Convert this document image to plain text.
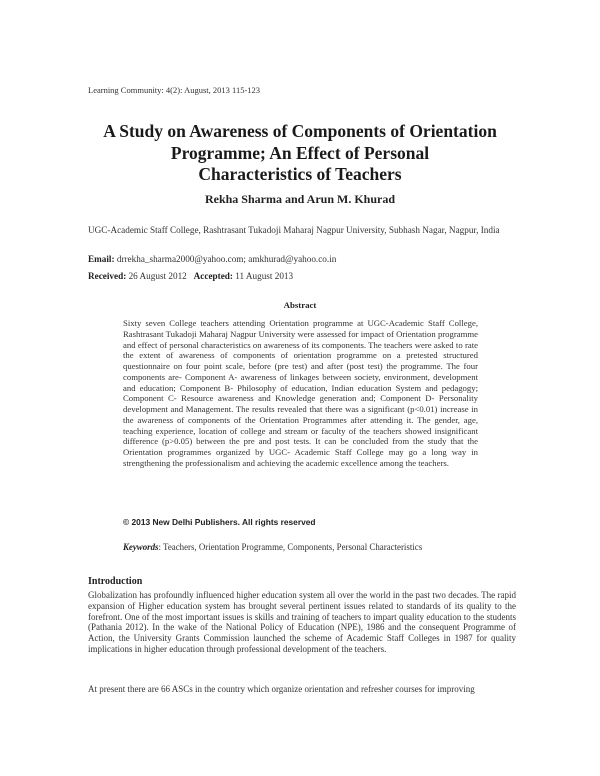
Learning Community: 4(2): August, 2013 115-123
A Study on Awareness of Components of Orientation
Programme; An Effect of Personal
Characteristics of Teachers
Rekha Sharma and Arun M. Khurad
UGC-Academic Staff College, Rashtrasant Tukadoji Maharaj Nagpur University, Subhash Nagar, Nagpur, India
Email: drrekha_sharma2000@yahoo.com; amkhurad@yahoo.co.in
Received: 26 August 2012 Accepted: 11 August 2013
Abstract
Sixty seven College teachers attending Orientation programme at UGC-Academic Staff College, Rashtrasant Tukadoji Maharaj Nagpur University were assessed for impact of Orientation programme and effect of personal characteristics on awareness of its components. The teachers were asked to rate the extent of awareness of components of orientation programme on a pretested structured questionnaire on four point scale, before (pre test) and after (post test) the programme. The four components are- Component A- awareness of linkages between society, environment, development and education; Component B- Philosophy of education, Indian education System and pedagogy; Component C- Resource awareness and Knowledge generation and; Component D- Personality development and Management. The results revealed that there was a significant (p<0.01) increase in the awareness of components of the Orientation Programmes after attending it. The gender, age, teaching experience, location of college and stream or faculty of the teachers showed insignificant difference (p>0.05) between the pre and post tests. It can be concluded from the study that the Orientation programmes organized by UGC- Academic Staff College may go a long way in strengthening the professionalism and achieving the academic excellence among the teachers.
© 2013 New Delhi Publishers. All rights reserved
Keywords: Teachers, Orientation Programme, Components, Personal Characteristics
Introduction
Globalization has profoundly influenced higher education system all over the world in the past two decades. The rapid expansion of Higher education system has brought several pertinent issues related to standards of its quality to the forefront. One of the most important issues is skills and training of teachers to impart quality education to the students (Pathania 2012). In the wake of the National Policy of Education (NPE), 1986 and the consequent Programme of Action, the University Grants Commission launched the scheme of Academic Staff Colleges in 1987 for quality implications in higher education through professional development of the teachers.
At present there are 66 ASCs in the country which organize orientation and refresher courses for improving
